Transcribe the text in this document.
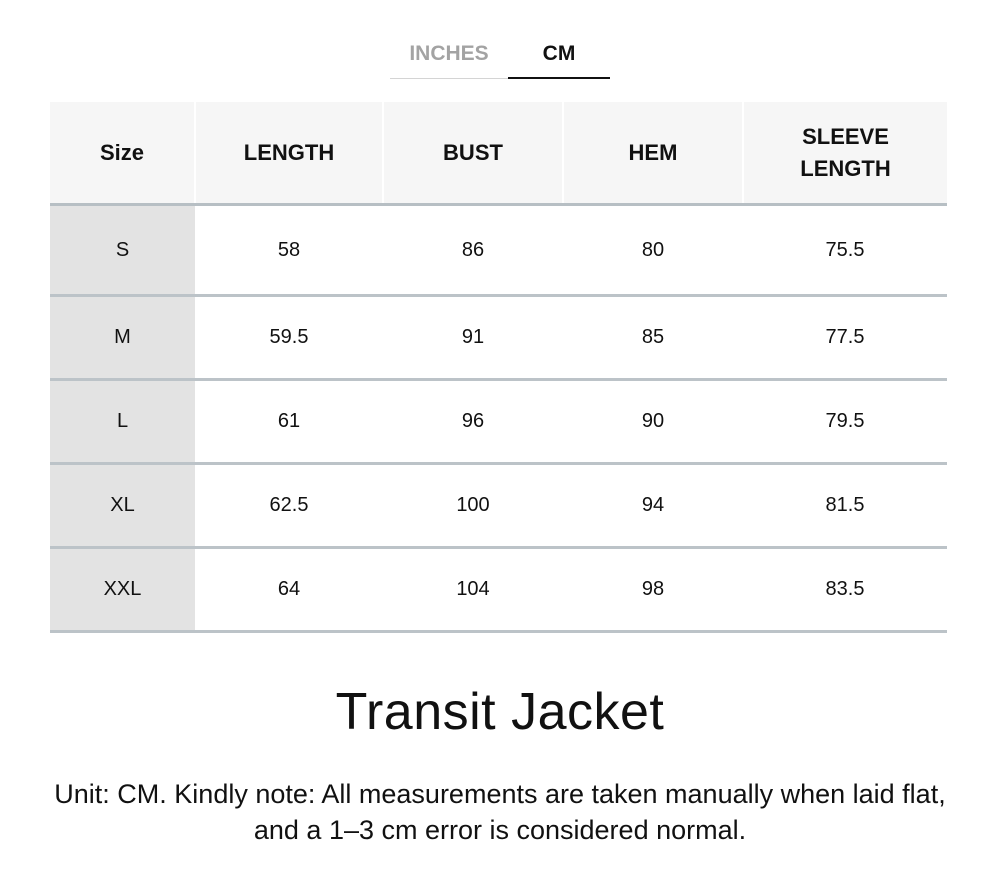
INCHES	CM
Size	LENGTH	BUST	HEM	SLEEVE LENGTH
S	58	86	80	75.5
M	59.5	91	85	77.5
L	61	96	90	79.5
XL	62.5	100	94	81.5
XXL	64	104	98	83.5
Transit Jacket

Unit: CM. Kindly note: All measurements are taken manually when laid flat, and a 1–3 cm error is considered normal.
